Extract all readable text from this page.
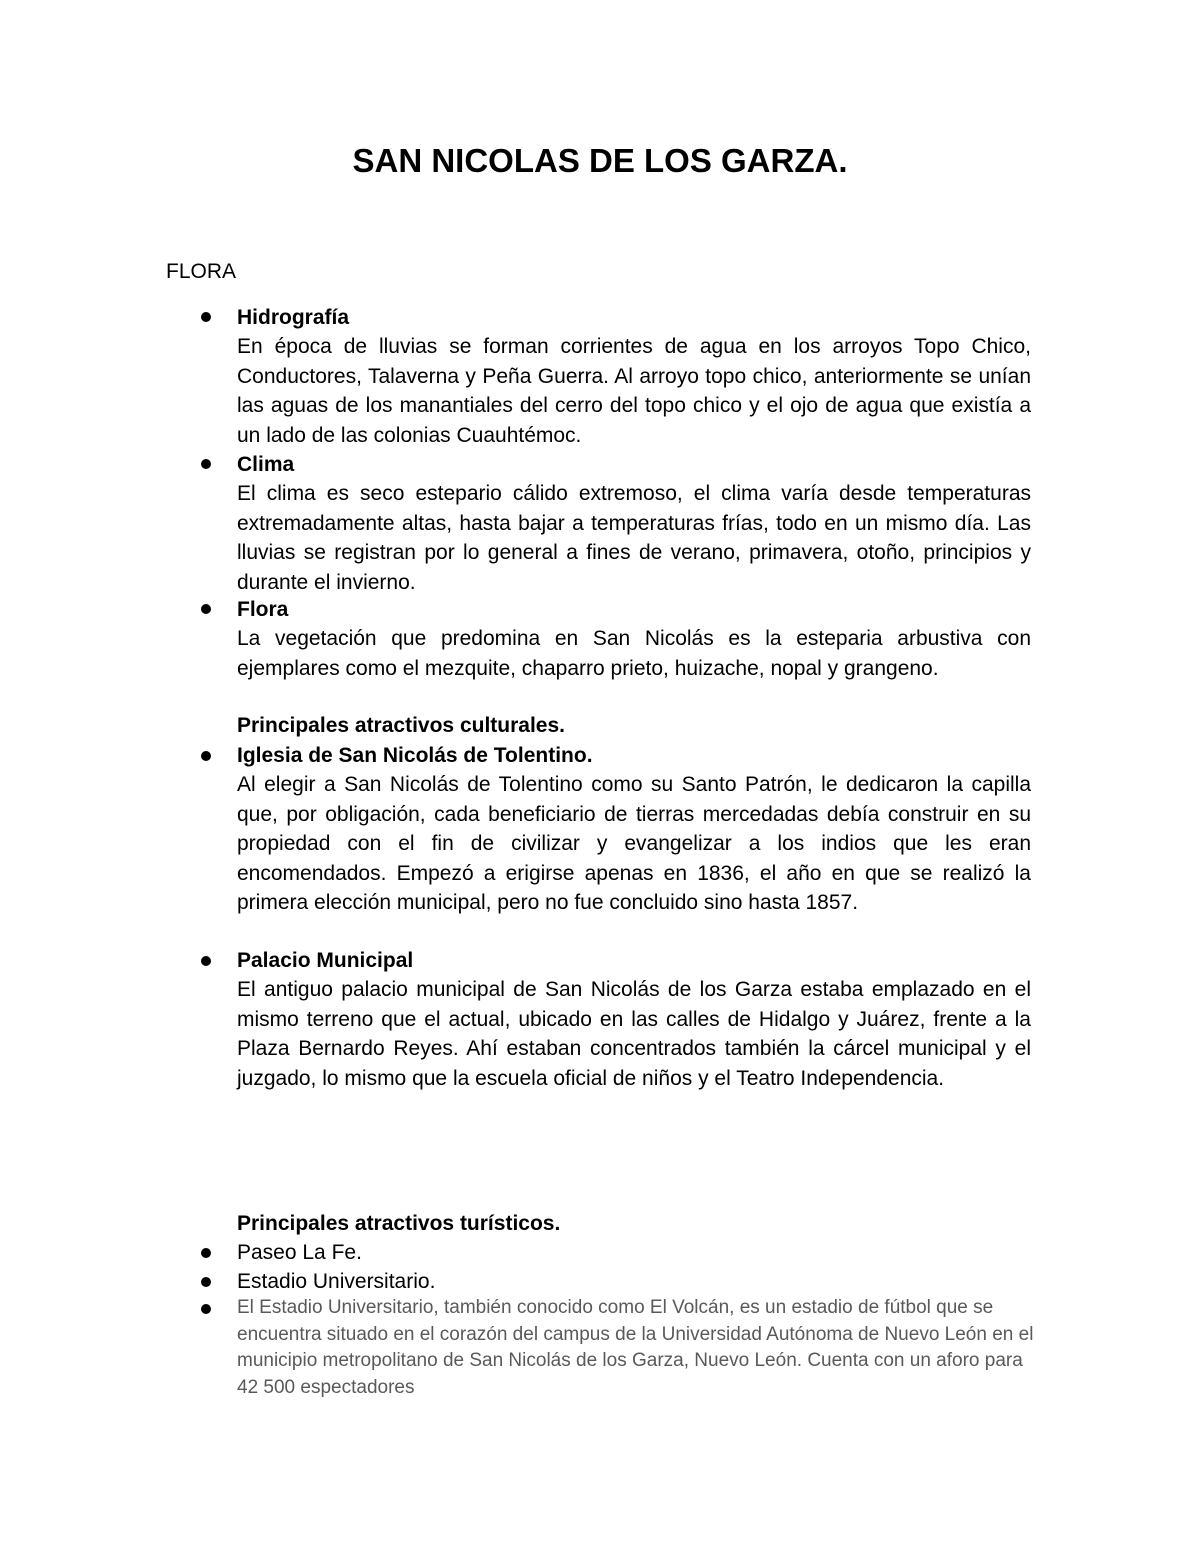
SAN NICOLAS DE LOS GARZA.
FLORA
Hidrografía
En época de lluvias se forman corrientes de agua en los arroyos Topo Chico, Conductores, Talaverna y Peña Guerra. Al arroyo topo chico, anteriormente se unían las aguas de los manantiales del cerro del topo chico y el ojo de agua que existía a un lado de las colonias Cuauhtémoc.
Clima
El clima es seco estepario cálido extremoso, el clima varía desde temperaturas extremadamente altas, hasta bajar a temperaturas frías, todo en un mismo día. Las lluvias se registran por lo general a fines de verano, primavera, otoño, principios y durante el invierno.
Flora
La vegetación que predomina en San Nicolás es la esteparia arbustiva con ejemplares como el mezquite, chaparro prieto, huizache, nopal y grangeno.
Principales atractivos culturales.
Iglesia de San Nicolás de Tolentino.
Al elegir a San Nicolás de Tolentino como su Santo Patrón, le dedicaron la capilla que, por obligación, cada beneficiario de tierras mercedadas debía construir en su propiedad con el fin de civilizar y evangelizar a los indios que les eran encomendados. Empezó a erigirse apenas en 1836, el año en que se realizó la primera elección municipal, pero no fue concluido sino hasta 1857.
Palacio Municipal
El antiguo palacio municipal de San Nicolás de los Garza estaba emplazado en el mismo terreno que el actual, ubicado en las calles de Hidalgo y Juárez, frente a la Plaza Bernardo Reyes. Ahí estaban concentrados también la cárcel municipal y el juzgado, lo mismo que la escuela oficial de niños y el Teatro Independencia.
Principales atractivos turísticos.
Paseo La Fe.
Estadio Universitario.
El Estadio Universitario, también conocido como El Volcán, es un estadio de fútbol que se encuentra situado en el corazón del campus de la Universidad Autónoma de Nuevo León en el municipio metropolitano de San Nicolás de los Garza, Nuevo León. Cuenta con un aforo para 42 500 espectadores
